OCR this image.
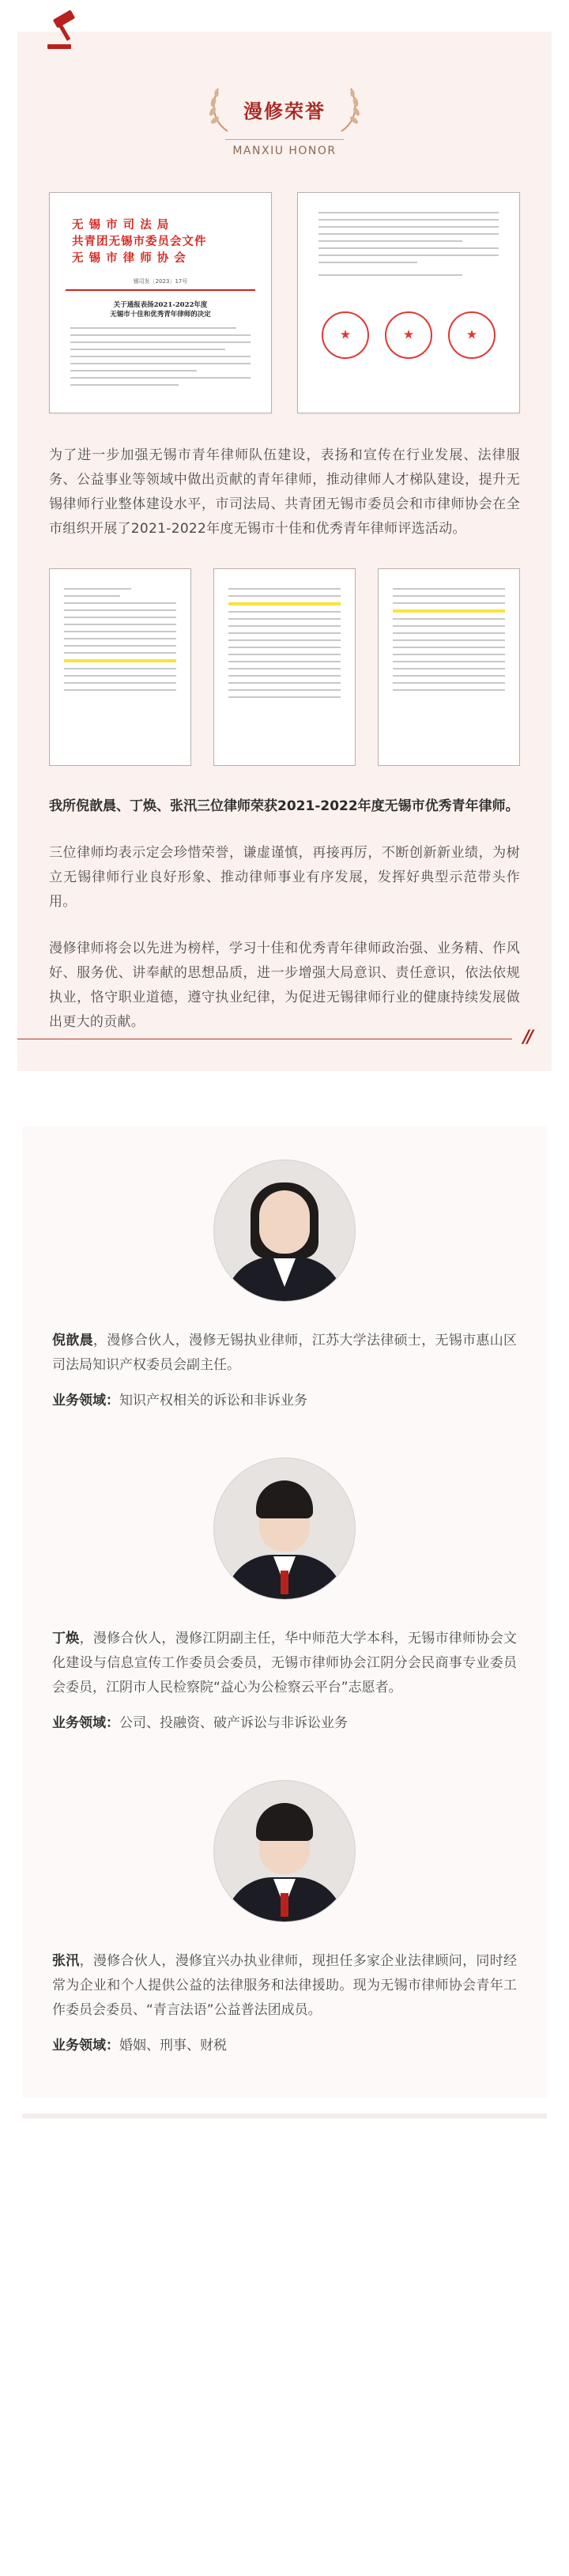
漫修荣誉
MANXIU HONOR
无 锡 市 司 法 局
共青团无锡市委员会文件
无 锡 市 律 师 协 会
锡司发〔2023〕17号
关于通报表扬2021-2022年度
无锡市十佳和优秀青年律师的决定
★
★
★

为了进一步加强无锡市青年律师队伍建设，表扬和宣传在行业发展、法律服务、公益事业等领域中做出贡献的青年律师，推动律师人才梯队建设，提升无锡律师行业整体建设水平，市司法局、共青团无锡市委员会和市律师协会在全市组织开展了2021-2022年度无锡市十佳和优秀青年律师评选活动。

我所倪歆晨、丁焕、张汛三位律师荣获2021-2022年度无锡市优秀青年律师。

三位律师均表示定会珍惜荣誉，谦虚谨慎，再接再厉，不断创新新业绩，为树立无锡律师行业良好形象、推动律师事业有序发展，发挥好典型示范带头作用。

漫修律师将会以先进为榜样，学习十佳和优秀青年律师政治强、业务精、作风好、服务优、讲奉献的思想品质，进一步增强大局意识、责任意识，依法依规执业，恪守职业道德，遵守执业纪律，为促进无锡律师行业的健康持续发展做出更大的贡献。

//

倪歆晨，漫修合伙人，漫修无锡执业律师，江苏大学法律硕士，无锡市惠山区司法局知识产权委员会副主任。

业务领域：知识产权相关的诉讼和非诉业务

丁焕，漫修合伙人，漫修江阴副主任，华中师范大学本科，无锡市律师协会文化建设与信息宣传工作委员会委员，无锡市律师协会江阴分会民商事专业委员会委员，江阴市人民检察院“益心为公检察云平台”志愿者。

业务领域：公司、投融资、破产诉讼与非诉讼业务

张汛，漫修合伙人，漫修宜兴办执业律师，现担任多家企业法律顾问，同时经常为企业和个人提供公益的法律服务和法律援助。现为无锡市律师协会青年工作委员会委员、“青言法语”公益普法团成员。

业务领域：婚姻、刑事、财税
